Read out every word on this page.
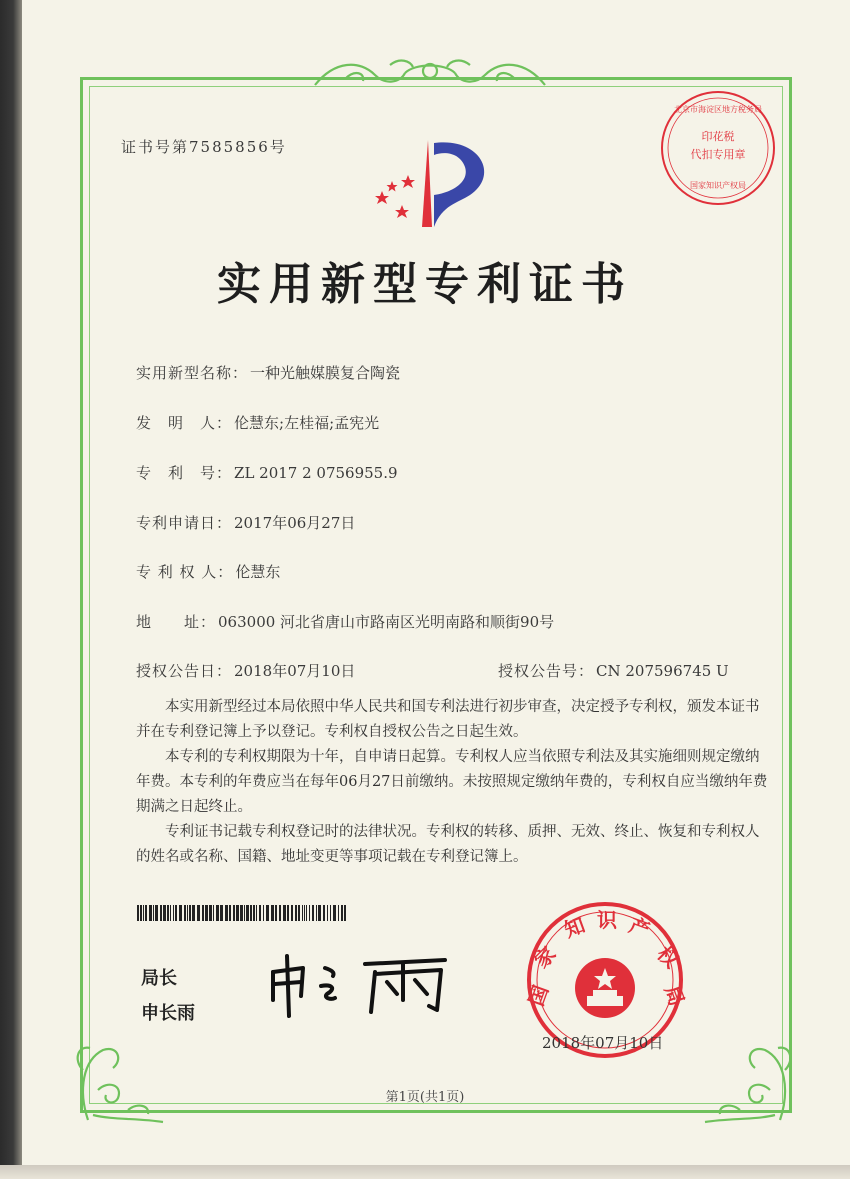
证书号第7585856号
印花税
代扣专用章
北京市海淀区地方税务局
国家知识产权局
实用新型专利证书
实用新型名称： 一种光触媒膜复合陶瓷
发　明　人： 伦慧东;左桂福;孟宪光
专　利　号： ZL 2017 2 0756955.9
专利申请日： 2017年06月27日
专 利 权 人： 伦慧东
地　　址： 063000 河北省唐山市路南区光明南路和顺街90号
授权公告日： 2018年07月10日	授权公告号： CN 207596745 U
本实用新型经过本局依照中华人民共和国专利法进行初步审查，决定授予专利权，颁发本证书并在专利登记簿上予以登记。专利权自授权公告之日起生效。
本专利的专利权期限为十年，自申请日起算。专利权人应当依照专利法及其实施细则规定缴纳年费。本专利的年费应当在每年06月27日前缴纳。未按照规定缴纳年费的，专利权自应当缴纳年费期满之日起终止。
专利证书记载专利权登记时的法律状况。专利权的转移、质押、无效、终止、恢复和专利权人的姓名或名称、国籍、地址变更等事项记载在专利登记簿上。
局长
申长雨
国
家
知 识 产
权
局
2018年07月10日
第1页(共1页)
